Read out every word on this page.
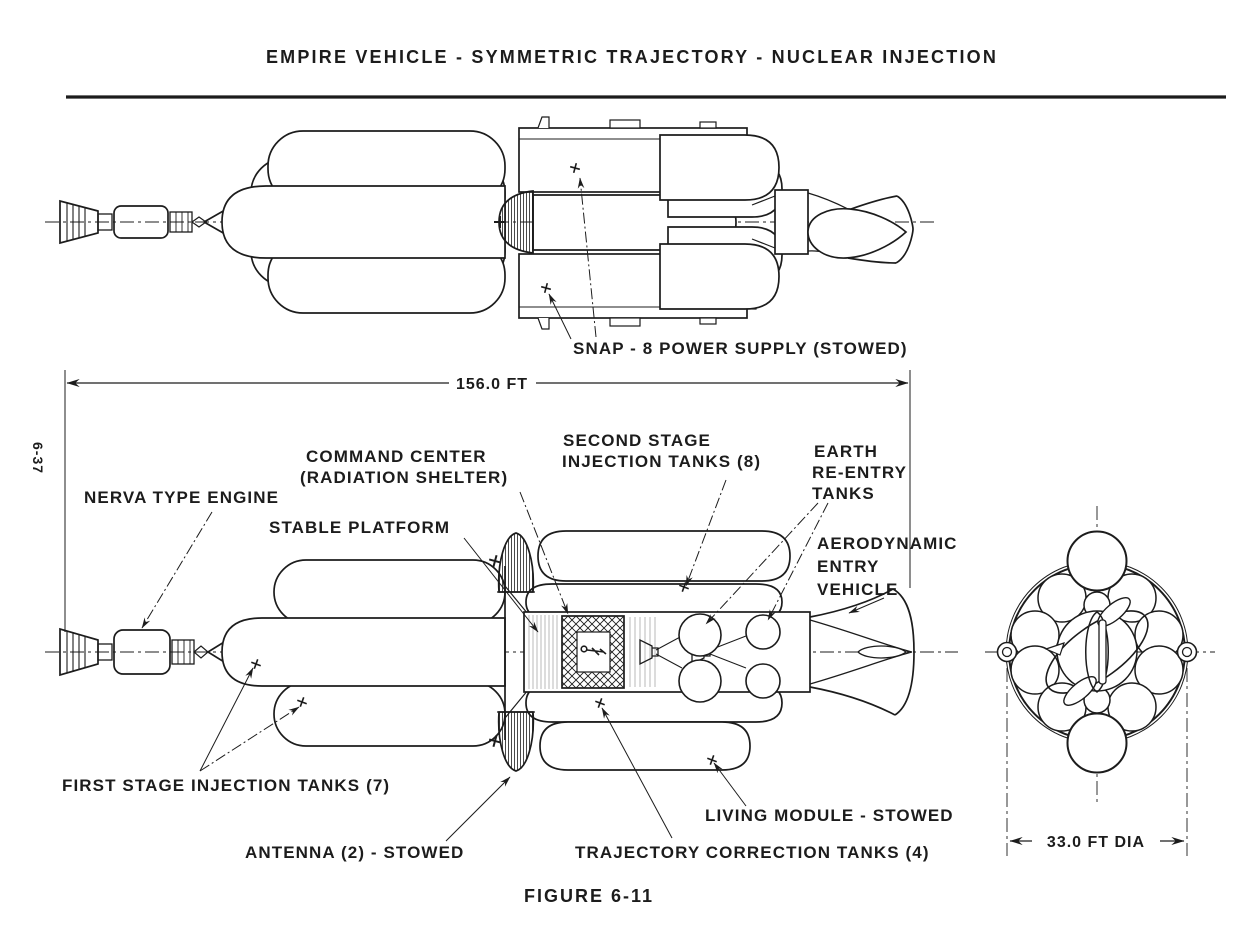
EMPIRE VEHICLE - SYMMETRIC TRAJECTORY - NUCLEAR INJECTION
6-37
SNAP - 8 POWER SUPPLY (STOWED)
156.0 FT
NERVA TYPE ENGINE
COMMAND CENTER
(RADIATION SHELTER)
STABLE PLATFORM
SECOND STAGE
INJECTION TANKS (8)
EARTH
RE-ENTRY
TANKS
AERODYNAMIC
ENTRY
VEHICLE
FIRST STAGE INJECTION TANKS (7)
ANTENNA (2) - STOWED	TRAJECTORY CORRECTION TANKS (4)
LIVING MODULE - STOWED
33.0 FT DIA
FIGURE 6-11
